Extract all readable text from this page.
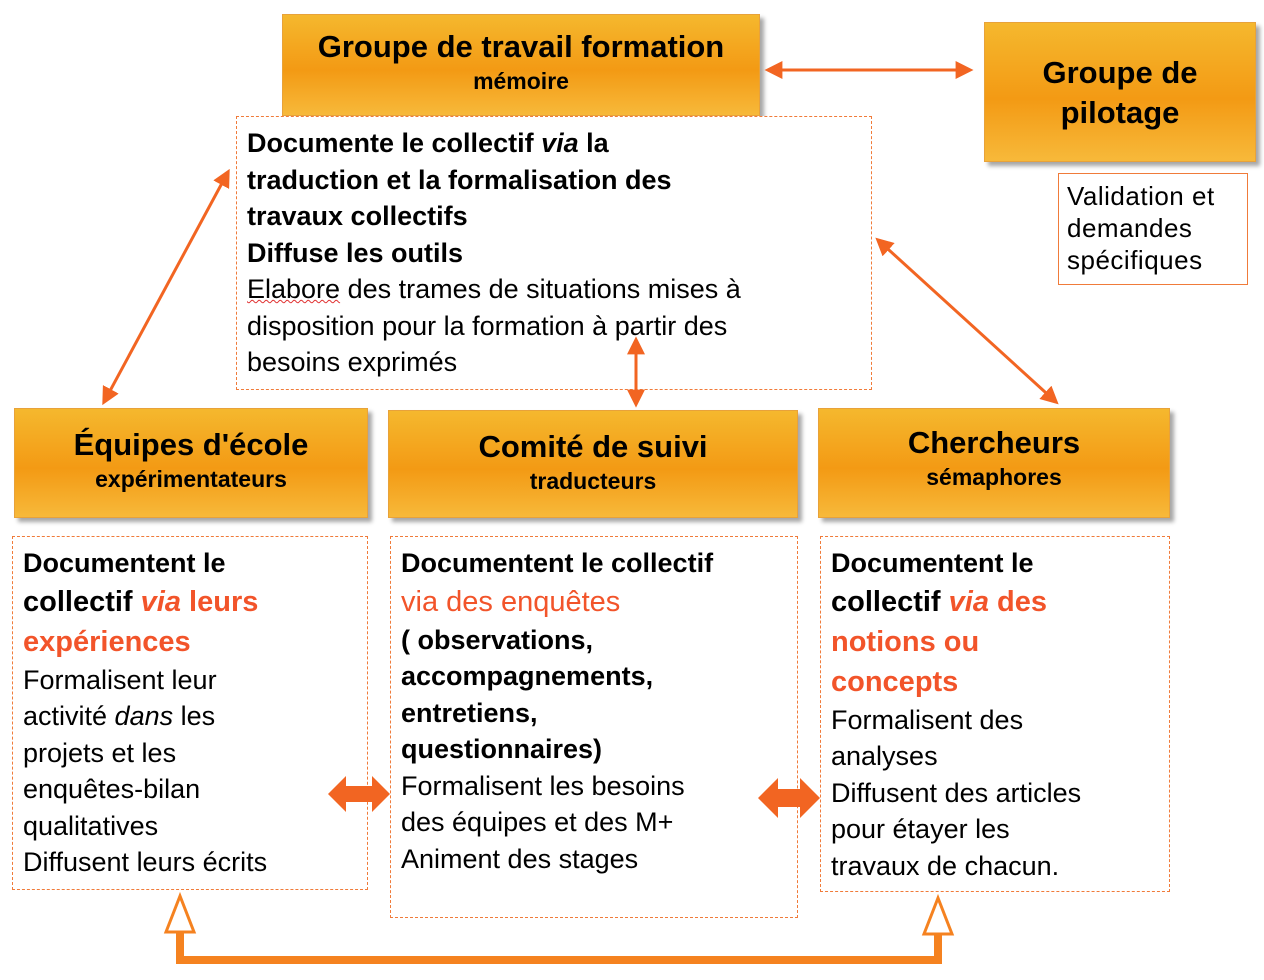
Groupe de travail formation
mémoire	Groupe de
pilotage
Validation et
demandes
spécifiques
Documente le collectif via la
traduction et la formalisation des
travaux collectifs
Diffuse les outils
Elabore des trames de situations mises à
disposition pour la formation à partir des
besoins exprimés
Équipes d'école
expérimentateurs
Comité de suivi
traducteurs
Chercheurs
sémaphores
Documentent le
collectif via leurs
expériences
Formalisent leur
activité dans les
projets et les
enquêtes-bilan
qualitatives
Diffusent leurs écrits
Documentent le collectif
via des enquêtes
( observations,
accompagnements,
entretiens,
questionnaires)
Formalisent les besoins
des équipes et des M+
Animent des stages
Documentent le
collectif via des
notions ou
concepts
Formalisent des
analyses
Diffusent des articles
pour étayer les
travaux de chacun.
